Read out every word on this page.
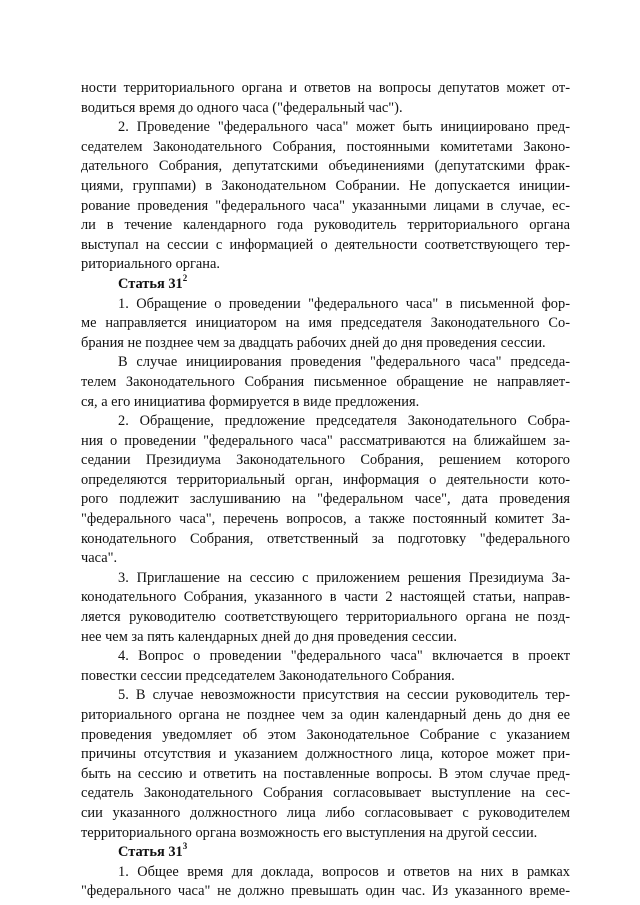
ности территориального органа и ответов на вопросы депутатов может от-
водиться время до одного часа ("федеральный час").
2. Проведение "федерального часа" может быть инициировано пред-
седателем Законодательного Собрания, постоянными комитетами Законо-
дательного Собрания, депутатскими объединениями (депутатскими фрак-
циями, группами) в Законодательном Собрании. Не допускается иниции-
рование проведения "федерального часа" указанными лицами в случае, ес-
ли в течение календарного года руководитель территориального органа
выступал на сессии с информацией о деятельности соответствующего тер-
риториального органа.
Статья $31^2$
1. Обращение о проведении "федерального часа" в письменной фор-
ме направляется инициатором на имя председателя Законодательного Со-
брания не позднее чем за двадцать рабочих дней до дня проведения сессии.
В случае инициирования проведения "федерального часа" председа-
телем Законодательного Собрания письменное обращение не направляет-
ся, а его инициатива формируется в виде предложения.
2. Обращение, предложение председателя Законодательного Собра-
ния о проведении "федерального часа" рассматриваются на ближайшем за-
седании Президиума Законодательного Собрания, решением которого
определяются территориальный орган, информация о деятельности кото-
рого подлежит заслушиванию на "федеральном часе", дата проведения
"федерального часа", перечень вопросов, а также постоянный комитет За-
конодательного Собрания, ответственный за подготовку "федерального
часа".
3. Приглашение на сессию с приложением решения Президиума За-
конодательного Собрания, указанного в части 2 настоящей статьи, направ-
ляется руководителю соответствующего территориального органа не позд-
нее чем за пять календарных дней до дня проведения сессии.
4. Вопрос о проведении "федерального часа" включается в проект
повестки сессии председателем Законодательного Собрания.
5. В случае невозможности присутствия на сессии руководитель тер-
риториального органа не позднее чем за один календарный день до дня ее
проведения уведомляет об этом Законодательное Собрание с указанием
причины отсутствия и указанием должностного лица, которое может при-
быть на сессию и ответить на поставленные вопросы. В этом случае пред-
седатель Законодательного Собрания согласовывает выступление на сес-
сии указанного должностного лица либо согласовывает с руководителем
территориального органа возможность его выступления на другой сессии.
Статья $31^3$
1. Общее время для доклада, вопросов и ответов на них в рамках
"федерального часа" не должно превышать один час. Из указанного време-
